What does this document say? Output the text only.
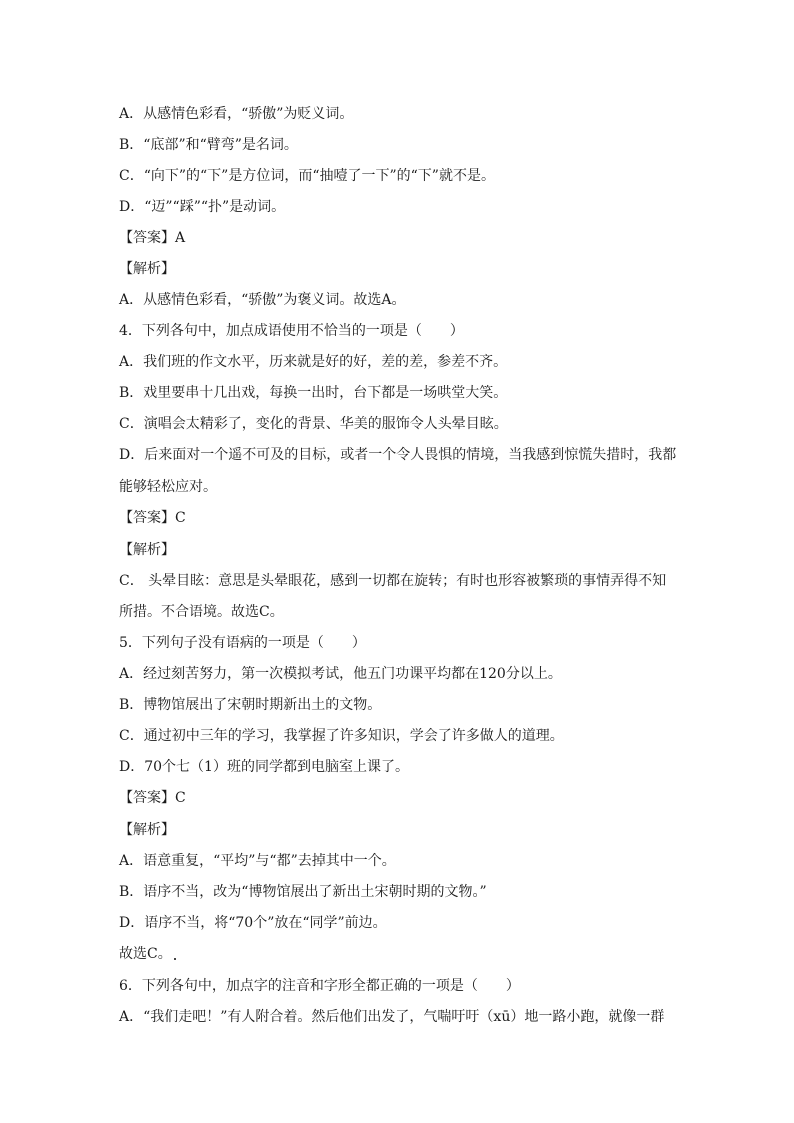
A．从感情色彩看，“骄傲”为贬义词。
B．“底部”和“臂弯”是名词。
C．“向下”的“下”是方位词，而“抽噎了一下”的“下”就不是。
D．“迈”“踩”“扑”是动词。
【答案】A
【解析】
A．从感情色彩看，“骄傲”为褒义词。故选A。
4．下列各句中，加点成语使用不恰当的一项是（　　）
A．我们班的作文水平，历来就是好的好，差的差，参差不齐。
B．戏里要串十几出戏，每换一出时，台下都是一场哄堂大笑。
C．演唱会太精彩了，变化的背景、华美的服饰令人头晕目眩。
D．后来面对一个遥不可及的目标，或者一个令人畏惧的情境，当我感到惊慌失措时，我都
能够轻松应对。
【答案】C
【解析】
C． 头晕目眩：意思是头晕眼花，感到一切都在旋转；有时也形容被繁琐的事情弄得不知
所措。不合语境。故选C。
5．下列句子没有语病的一项是（　　）
A．经过刻苦努力，第一次模拟考试，他五门功课平均都在120分以上。
B．博物馆展出了宋朝时期新出土的文物。
C．通过初中三年的学习，我掌握了许多知识，学会了许多做人的道理。
D．70个七（1）班的同学都到电脑室上课了。
【答案】C
【解析】
A．语意重复，“平均”与“都”去掉其中一个。
B．语序不当，改为“博物馆展出了新出土宋朝时期的文物。”
D．语序不当，将“70个”放在“同学”前边。
故选C。
6．下列各句中，加点字的注音和字形全都正确的一项是（　　）
A．“我们走吧！”有人附合着。然后他们出发了，气喘吁吁（xū）地一路小跑，就像一群
